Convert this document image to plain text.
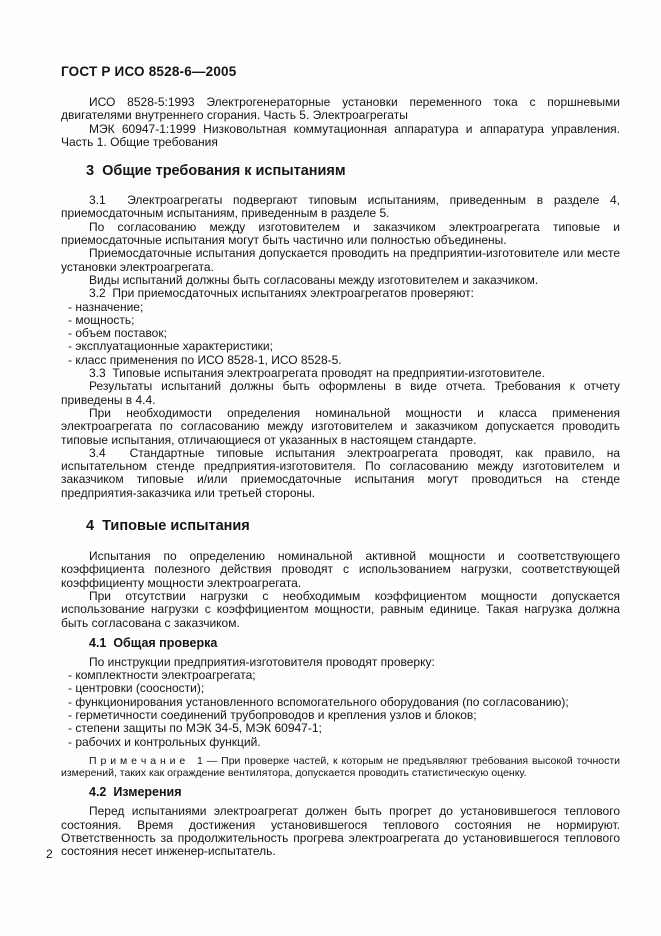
ГОСТ Р ИСО 8528-6—2005

ИСО 8528-5:1993 Электрогенераторные установки переменного тока с поршневыми двигателями внутреннего сгорания. Часть 5. Электроагрегаты

МЭК 60947-1:1999 Низковольтная коммутационная аппаратура и аппаратура управления. Часть 1. Общие требования

3  Общие требования к испытаниям

3.1  Электроагрегаты подвергают типовым испытаниям, приведенным в разделе 4, приемосдаточным испытаниям, приведенным в разделе 5.

По согласованию между изготовителем и заказчиком электроагрегата типовые и приемосдаточные испытания могут быть частично или полностью объединены.

Приемосдаточные испытания допускается проводить на предприятии-изготовителе или месте установки электроагрегата.

Виды испытаний должны быть согласованы между изготовителем и заказчиком.

3.2  При приемосдаточных испытаниях электроагрегатов проверяют:

- назначение;
- мощность;
- объем поставок;
- эксплуатационные характеристики;
- класс применения по ИСО 8528-1, ИСО 8528-5.

3.3  Типовые испытания электроагрегата проводят на предприятии-изготовителе.

Результаты испытаний должны быть оформлены в виде отчета. Требования к отчету приведены в 4.4.

При необходимости определения номинальной мощности и класса применения электроагрегата по согласованию между изготовителем и заказчиком допускается проводить типовые испытания, отличающиеся от указанных в настоящем стандарте.

3.4  Стандартные типовые испытания электроагрегата проводят, как правило, на испытательном стенде предприятия-изготовителя. По согласованию между изготовителем и заказчиком типовые и/или приемосдаточные испытания могут проводиться на стенде предприятия-заказчика или третьей стороны.

4  Типовые испытания

Испытания по определению номинальной активной мощности и соответствующего коэффициента полезного действия проводят с использованием нагрузки, соответствующей коэффициенту мощности электроагрегата.

При отсутствии нагрузки с необходимым коэффициентом мощности допускается использование нагрузки с коэффициентом мощности, равным единице. Такая нагрузка должна быть согласована с заказчиком.

4.1  Общая проверка

По инструкции предприятия-изготовителя проводят проверку:

- комплектности электроагрегата;
- центровки (соосности);
- функционирования установленного вспомогательного оборудования (по согласованию);
- герметичности соединений трубопроводов и крепления узлов и блоков;
- степени защиты по МЭК 34-5, МЭК 60947-1;
- рабочих и контрольных функций.

П р и м е ч а н и е   1 — При проверке частей, к которым не предъявляют требования высокой точности измерений, таких как ограждение вентилятора, допускается проводить статистическую оценку.

4.2  Измерения

Перед испытаниями электроагрегат должен быть прогрет до установившегося теплового состояния. Время достижения установившегося теплового состояния не нормируют. Ответственность за продолжительность прогрева электроагрегата до установившегося теплового состояния несет инженер-испытатель.

2
